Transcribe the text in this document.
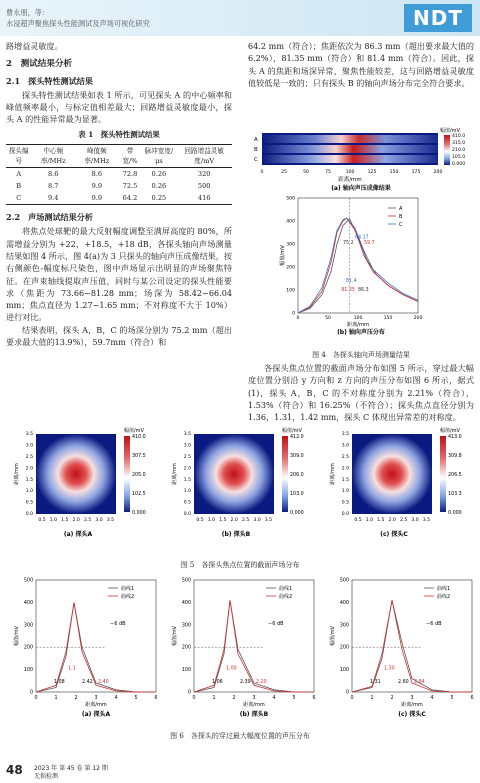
曹永朋，等：
水浸超声聚焦探头性能测试及声场可视化研究	NDT

路增益灵敏度。

2　测试结果分析
2.1　探头特性测试结果

探头特性测试结果如表 1 所示，可见探头 A 的中心频率和峰值频率最小，与标定值相差最大；回路增益灵敏度最小，探头 A 的性能异常最为显著。

表 1　探头特性测试结果
探头编号	中心频率/MHz	峰值频率/MHz	带宽/%	脉冲宽度/μs	回路增益灵敏度/mV
A	8.6	8.6	72.8	0.26	320
B	8.7	9.9	72.5	0.26	500
C	9.4	9.9	64.2	0.25	416
2.2　声场测试结果分析

将焦点处球靶的最大反射幅度调整至满屏高度的 80%，所需增益分别为 +22，+18.5，+18 dB，各探头轴向声场测量结果如图 4 所示，图 4(a)为 3 只探头的轴向声压成像结果，按右侧颜色-幅度标尺染色，图中声场显示出明显的声场聚焦特征。在声束轴线提取声压值，同时与某公司设定的探头性能要求（焦距为 73.66~81.28 mm；场深为 58.42~66.04 mm；焦点直径为 1.27~1.65 mm；不对称度不大于 10%）进行对比。

结果表明，探头 A，B，C 的场深分别为 75.2 mm（超出要求最大值的13.9%），59.7mm（符合）和

64.2 mm（符合）；焦距依次为 86.3 mm（超出要求最大值的 6.2%），81.35 mm（符合）和 81.4 mm（符合）。因此，探头 A 的焦距和场深异常，聚焦性能较差，这与回路增益灵敏度值较低是一致的；只有探头 B 的轴向声场分布完全符合要求。

幅值/mV
410.0
315.0
210.0
105.0
0.000
A
B
C
0	25	50	75	100	125	150	175	200
距离/mm
(a) 轴向声压成像结果
0
100
200
300
400
500
0	50	100	150	200
距离/mm
幅值/mV
A
B
C
75.2
64.17
59.7
81.4
81.35 86.3
(b) 轴向声压分布
图 4　各探头轴向声场测量结果

各探头焦点位置的截面声场分布如图 5 所示，穿过最大幅度位置分别沿 y 方向和 z 方向的声压分布如图 6 所示，据式(1)，探头 A，B，C 的不对称度分别为 2.21%（符合），1.53%（符合）和 16.25%（不符合）；探头焦点直径分别为 1.36，1.31，1.42 mm，探头 C 体现出异常差的对称度。

幅值/mV
410.0
307.5
205.0
102.5
0.000
0.0
0.5
1.0
1.5
2.0
2.5
3.0
3.5
0.5 1.0 1.5 2.0 2.5 3.0 3.5
距离/mm
(a) 探头A
幅值/mV
412.0
309.0
206.0
103.0
0.000
0.0
0.5
1.0
1.5
2.0
2.5
3.0
3.5
0.5 1.0 1.5 2.0 2.5 3.0 3.5
距离/mm
(b) 探头B
幅值/mV
413.0
309.8
206.5
103.3
0.000
0.0
0.5
1.0
1.5
2.0
2.5
3.0
3.5
0.5 1.0 1.5 2.0 2.5 3.0 3.5
距离/mm
(c) 探头C
图 5　各探头焦点位置的截面声场分布
0
100
200
300
400
500
0	1	2	3	4	5	6
距离/mm
幅值/mV
曲线1
曲线2
−6 dB
1.1
1.08	2.42 2.40
(a) 探头A
0
100
200
300
400
500
0	1	2	3	4	5	6
距离/mm
幅值/mV
曲线1
曲线2
−6 dB
1.00
1.06	2.39 2.20
(b) 探头B
0
100
200
300
400
500
0	1	2	3	4	5	6
距离/mm
幅值/mV
曲线1
曲线2
−6 dB
1.30
1.31	2.60 2.84
(c) 探头C
图 6　各探头的穿过最大幅度位置的声压分布
48 2023 年 第 45 卷 第 12 期
无损检测
